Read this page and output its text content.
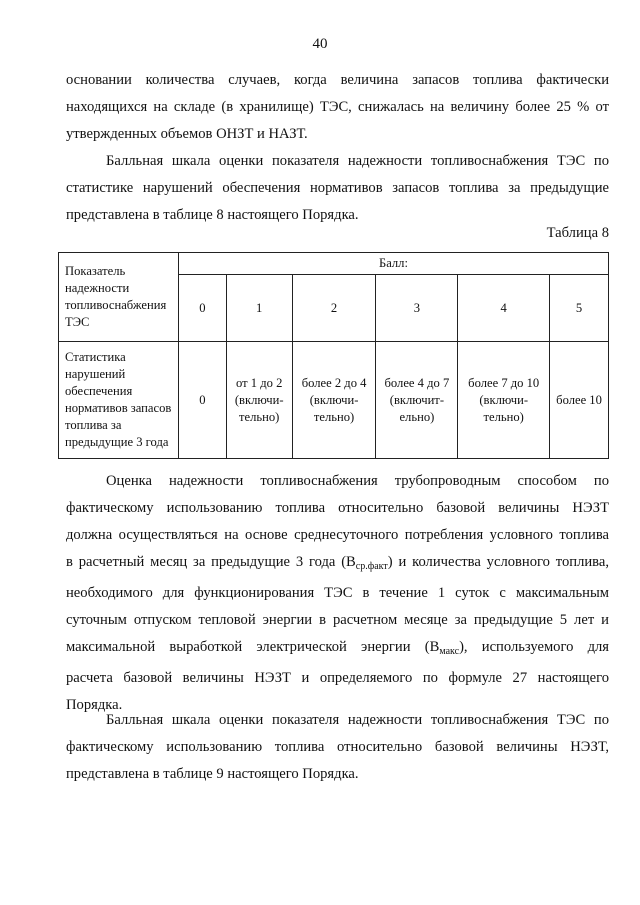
40
основании количества случаев, когда величина запасов топлива фактически
находящихся на складе (в хранилище) ТЭС, снижалась на величину более 25 % от
утвержденных объемов ОНЗТ и НАЗТ.
Балльная шкала оценки показателя надежности топливоснабжения ТЭС по
статистике нарушений обеспечения нормативов запасов топлива за предыдущие
представлена в таблице 8 настоящего Порядка.
Таблица 8
Показатель надежности топливоснабжения ТЭС	Балл:					
	0	1	2	3	4	5
Статистика нарушений обеспечения нормативов запасов топлива за предыдущие 3 года	0	от 1 до 2 (включи-тельно)	более 2 до 4 (включи-тельно)	более 4 до 7 (включит-ельно)	более 7 до 10 (включи-тельно)	более 10
Оценка надежности топливоснабжения трубопроводным способом по
фактическому использованию топлива относительно базовой величины НЭЗТ
должна осуществляться на основе среднесуточного потребления условного топлива
в расчетный месяц за предыдущие 3 года $(В_{ср.факт})$ и количества условного топлива,
необходимого для функционирования ТЭС в течение 1 суток с максимальным
суточным отпуском тепловой энергии в расчетном месяце за предыдущие 5 лет и
максимальной выработкой электрической энергии $(В_{макс})$, используемого для
расчета базовой величины НЭЗТ и определяемого по формуле 27 настоящего
Порядка.
Балльная шкала оценки показателя надежности топливоснабжения ТЭС по
фактическому использованию топлива относительно базовой величины НЭЗТ,
представлена в таблице 9 настоящего Порядка.
